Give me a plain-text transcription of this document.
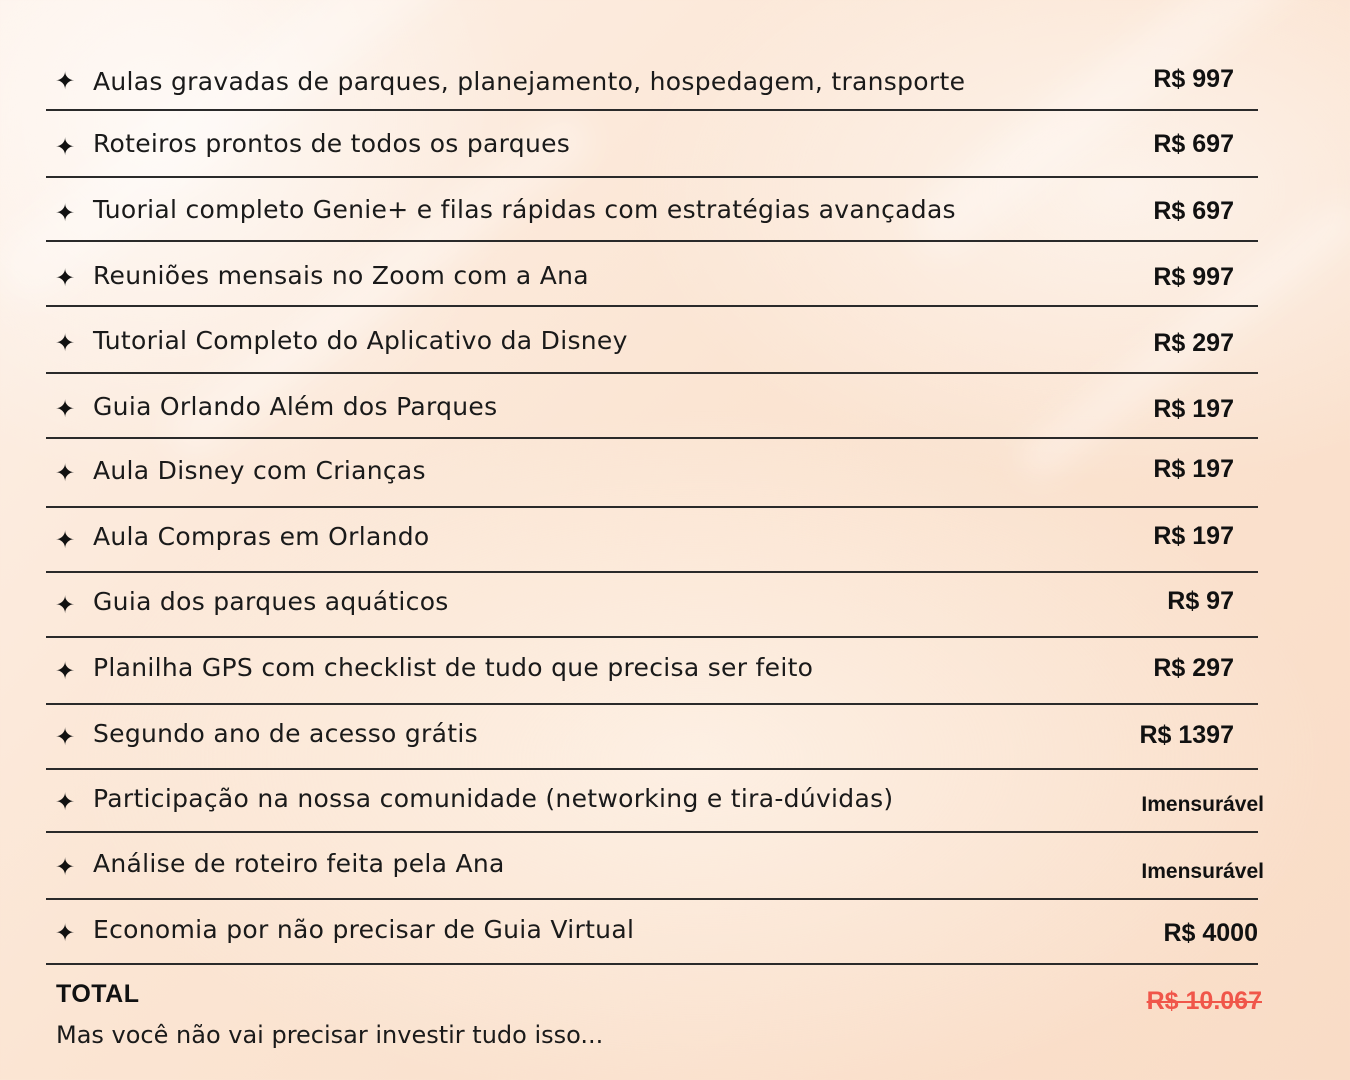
✦ Aulas gravadas de parques, planejamento, hospedagem, transporte	R$ 997
✦ Roteiros prontos de todos os parques	R$ 697
✦ Tuorial completo Genie+ e filas rápidas com estratégias avançadas	R$ 697
✦ Reuniões mensais no Zoom com a Ana	R$ 997
✦ Tutorial Completo do Aplicativo da Disney	R$ 297
✦ Guia Orlando Além dos Parques	R$ 197
✦ Aula Disney com Crianças	R$ 197
✦ Aula Compras em Orlando	R$ 197
✦ Guia dos parques aquáticos	R$ 97
✦ Planilha GPS com checklist de tudo que precisa ser feito	R$ 297
✦ Segundo ano de acesso grátis	R$ 1397
✦ Participação na nossa comunidade (networking e tira-dúvidas)	Imensurável
✦ Análise de roteiro feita pela Ana	Imensurável
✦ Economia por não precisar de Guia Virtual	R$ 4000
TOTAL	R$ 10.067
Mas você não vai precisar investir tudo isso...
